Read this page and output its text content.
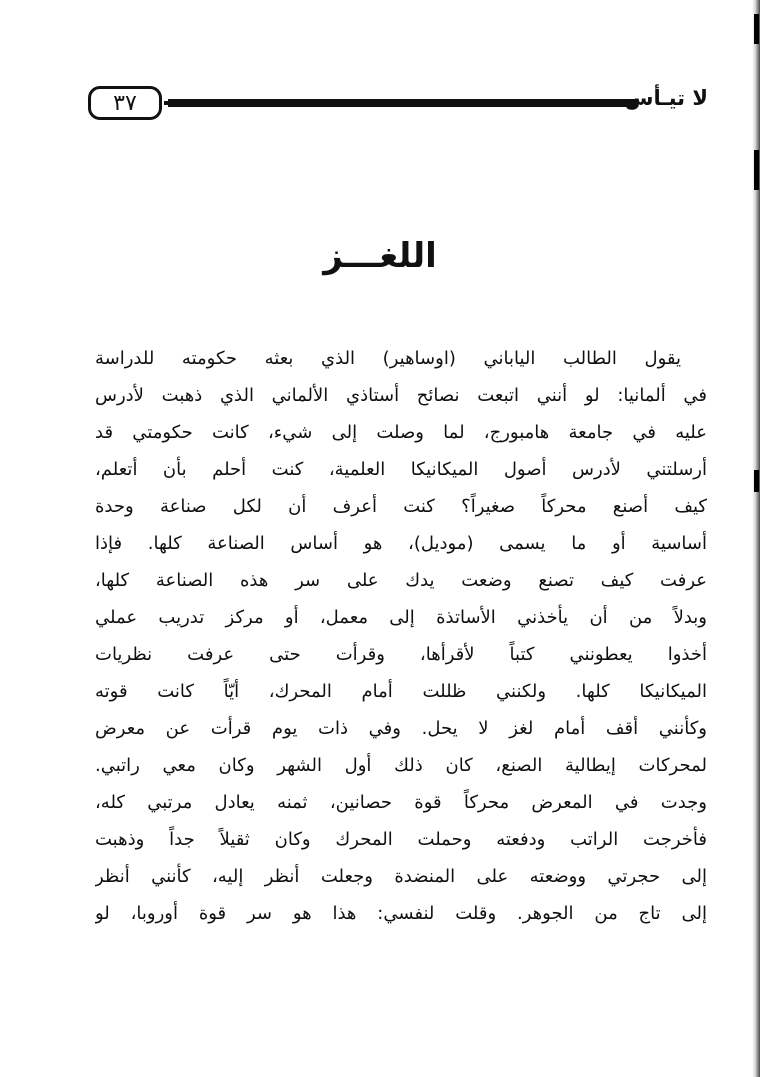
٣٧	لا تيـأس
اللغـــز
يقول الطالب الياباني (اوساهير) الذي بعثه حكومته للدراسة
في ألمانيا: لو أنني اتبعت نصائح أستاذي الألماني الذي ذهبت لأدرس
عليه في جامعة هامبورج، لما وصلت إلى شيء، كانت حكومتي قد
أرسلتني لأدرس أصول الميكانيكا العلمية، كنت أحلم بأن أتعلم،
كيف أصنع محركاً صغيراً؟ كنت أعرف أن لكل صناعة وحدة
أساسية أو ما يسمى (موديل)، هو أساس الصناعة كلها. فإذا
عرفت كيف تصنع وضعت يدك على سر هذه الصناعة كلها،
وبدلاً من أن يأخذني الأساتذة إلى معمل، أو مركز تدريب عملي
أخذوا يعطونني كتباً لأقرأها، وقرأت حتى عرفت نظريات
الميكانيكا كلها. ولكنني ظللت أمام المحرك، أيّاً كانت قوته
وكأنني أقف أمام لغز لا يحل. وفي ذات يوم قرأت عن معرض
لمحركات إيطالية الصنع، كان ذلك أول الشهر وكان معي راتبي.
وجدت في المعرض محركاً قوة حصانين، ثمنه يعادل مرتبي كله،
فأخرجت الراتب ودفعته وحملت المحرك وكان ثقيلاً جداً وذهبت
إلى حجرتي ووضعته على المنضدة وجعلت أنظر إليه، كأنني أنظر
إلى تاج من الجوهر. وقلت لنفسي: هذا هو سر قوة أوروبا، لو
